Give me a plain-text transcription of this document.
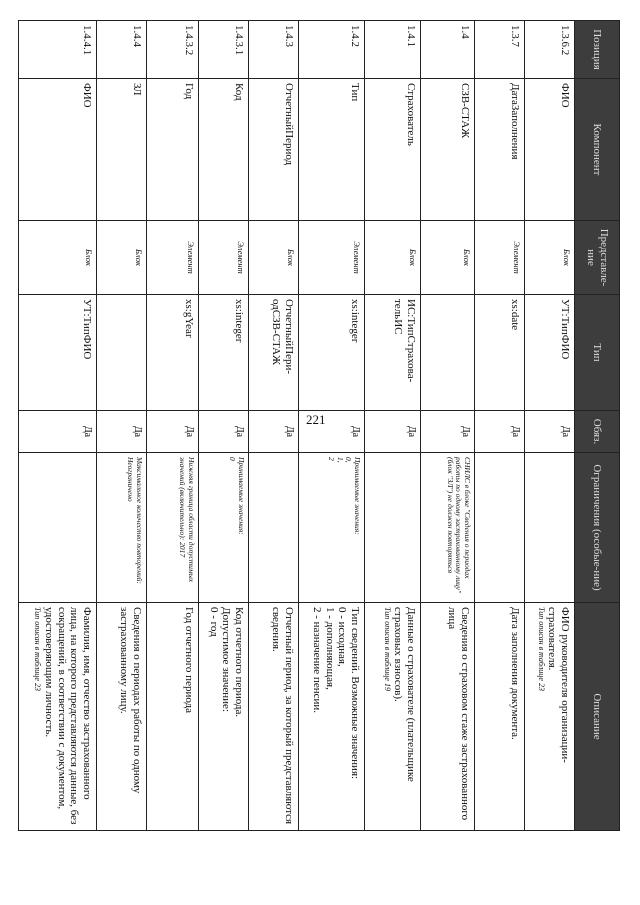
221
Позиция	Компонент	Представле-ние	Тип	Обяз.	Ограничения (особые-ние)	Описание
1.3.6.2	ФИО	Блок	УТ:ТипФИО	Да		ФИО руководителя организации-страхователя.
Тип описан в таблице 23

1.3.7	ДатаЗаполнения	Элемент	xs:date	Да		Дата заполнения документа.

1.4	СЗВ-СТАЖ	Блок		Да	СНИЛС в блоке "Сведения о периодах работы по одному застрахованному лицу" (блок "ЗЛ") не должен повторяться	Сведения о страховом стаже застрахованного лица

1.4.1	Страхователь	Блок	ИС:ТипСтрахова-тельИС	Да		Данные о страхователе (плательщике страховых взносов).
Тип описан в таблице 19

1.4.2	Тип	Элемент	xs:integer	Да	Принимаемые значения:
0,
1,
2	Тип сведений. Возможные значения:
0 - исходная,
1 - дополняющая,
2 - назначение пенсии.

1.4.3	ОтчетныйПериод	Блок	ОтчетныйПери-одСЗВ-СТАЖ	Да		Отчетный период, за который представляются сведения.

1.4.3.1	Код	Элемент	xs:integer	Да	Принимаемые значения:
0	Код отчетного периода.
Допустимое значение:
0 - год

1.4.3.2	Год	Элемент	xs:gYear	Да	Нижняя граница области допустимых значений (включительно): 2017	Год отчетного периода

1.4.4	ЗЛ	Блок		Да	Максимальное количество повторений: Неограничено	Сведения о периодах работы по одному застрахованному лицу.

1.4.4.1	ФИО	Блок	УТ:ТипФИО	Да		Фамилия, имя, отчество застрахованного лица, на которого представляются данные, без сокращений, в соответствии с документом, удостоверяющим личность.
Тип описан в таблице 23
